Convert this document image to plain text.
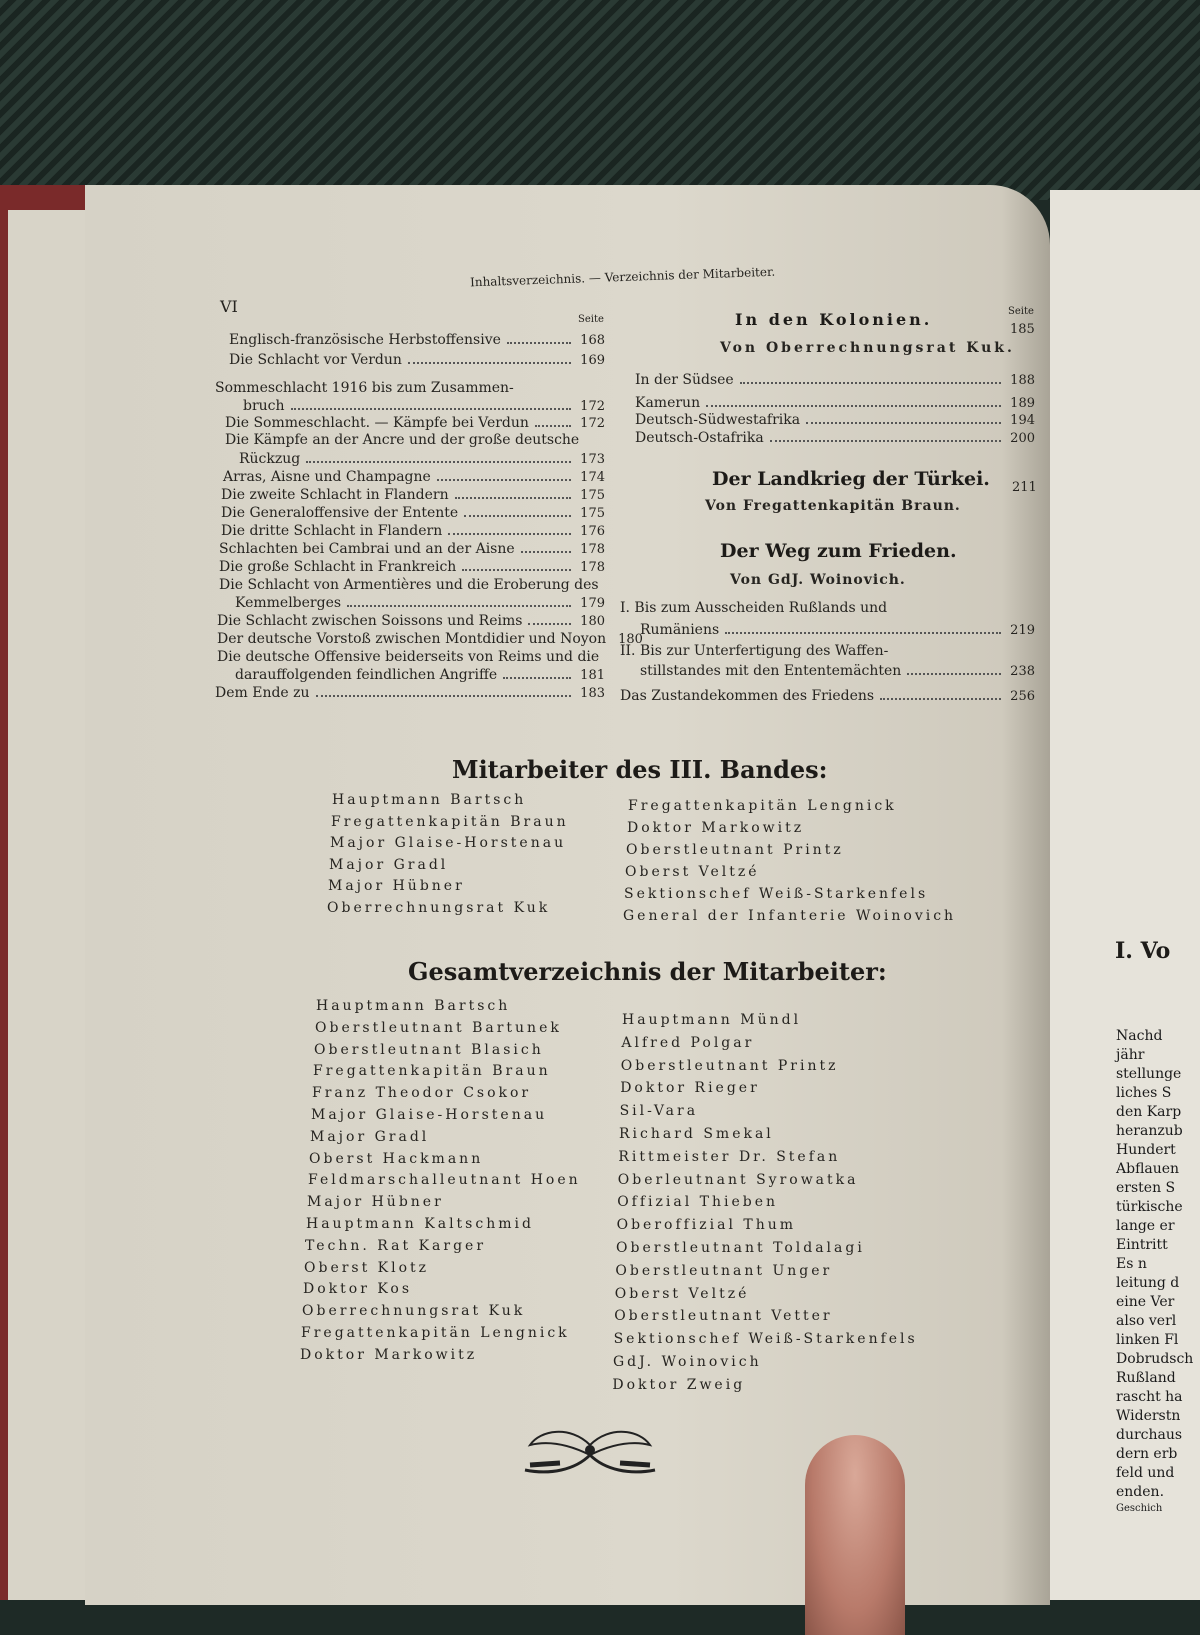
VI
Inhaltsverzeichnis. — Verzeichnis der Mitarbeiter.
Seite
Seite
Englisch-französische Herbstoffensive	168
Die Schlacht vor Verdun	169
Sommeschlacht 1916 bis zum Zusammen-
bruch	172
Die Sommeschlacht. — Kämpfe bei Verdun	172
Die Kämpfe an der Ancre und der große deutsche
Rückzug	173
Arras, Aisne und Champagne	174
Die zweite Schlacht in Flandern	175
Die Generaloffensive der Entente	175
Die dritte Schlacht in Flandern	176
Schlachten bei Cambrai und an der Aisne	178
Die große Schlacht in Frankreich	178
Die Schlacht von Armentières und die Eroberung des
Kemmelberges	179
Die Schlacht zwischen Soissons und Reims	180
Der deutsche Vorstoß zwischen Montdidier und Noyon 180
Die deutsche Offensive beiderseits von Reims und die
darauffolgenden feindlichen Angriffe	181
Dem Ende zu	183
In den Kolonien.
185
Von Oberrechnungsrat Kuk.
In der Südsee	188
Kamerun	189
Deutsch-Südwestafrika	194
Deutsch-Ostafrika	200
Der Landkrieg der Türkei. 211
Von Fregattenkapitän Braun.
Der Weg zum Frieden.
Von GdJ. Woinovich.
I. Bis zum Ausscheiden Rußlands und
Rumäniens	219
II. Bis zur Unterfertigung des Waffen-
stillstandes mit den Ententemächten	238
Das Zustandekommen des Friedens	256
Mitarbeiter des III. Bandes:
Hauptmann Bartsch
Fregattenkapitän Braun
Major Glaise-Horstenau
Major Gradl
Major Hübner
Oberrechnungsrat Kuk
Fregattenkapitän Lengnick
Doktor Markowitz
Oberstleutnant Printz
Oberst Veltzé
Sektionschef Weiß-Starkenfels
General der Infanterie Woinovich
Gesamtverzeichnis der Mitarbeiter:
Hauptmann Bartsch
Oberstleutnant Bartunek
Oberstleutnant Blasich
Fregattenkapitän Braun
Franz Theodor Csokor
Major Glaise-Horstenau
Major Gradl
Oberst Hackmann
Feldmarschalleutnant Hoen
Major Hübner
Hauptmann Kaltschmid
Techn. Rat Karger
Oberst Klotz
Doktor Kos
Oberrechnungsrat Kuk
Fregattenkapitän Lengnick
Doktor Markowitz
Hauptmann Mündl
Alfred Polgar
Oberstleutnant Printz
Doktor Rieger
Sil-Vara
Richard Smekal
Rittmeister Dr. Stefan
Oberleutnant Syrowatka
Offizial Thieben
Oberoffizial Thum
Oberstleutnant Toldalagi
Oberstleutnant Unger
Oberst Veltzé
Oberstleutnant Vetter
Sektionschef Weiß-Starkenfels
GdJ. Woinovich
Doktor Zweig
I. Vo
Nachd
jähr
stellunge
liches S
den Karp
heranzub
Hundert
Abflauen
ersten S
türkische
lange er
Eintritt
Es n
leitung d
eine Ver
also verl
linken Fl
Dobrudsch
Rußland
rascht ha
Widerstn
durchaus
dern erb
feld und
enden.
Geschich
